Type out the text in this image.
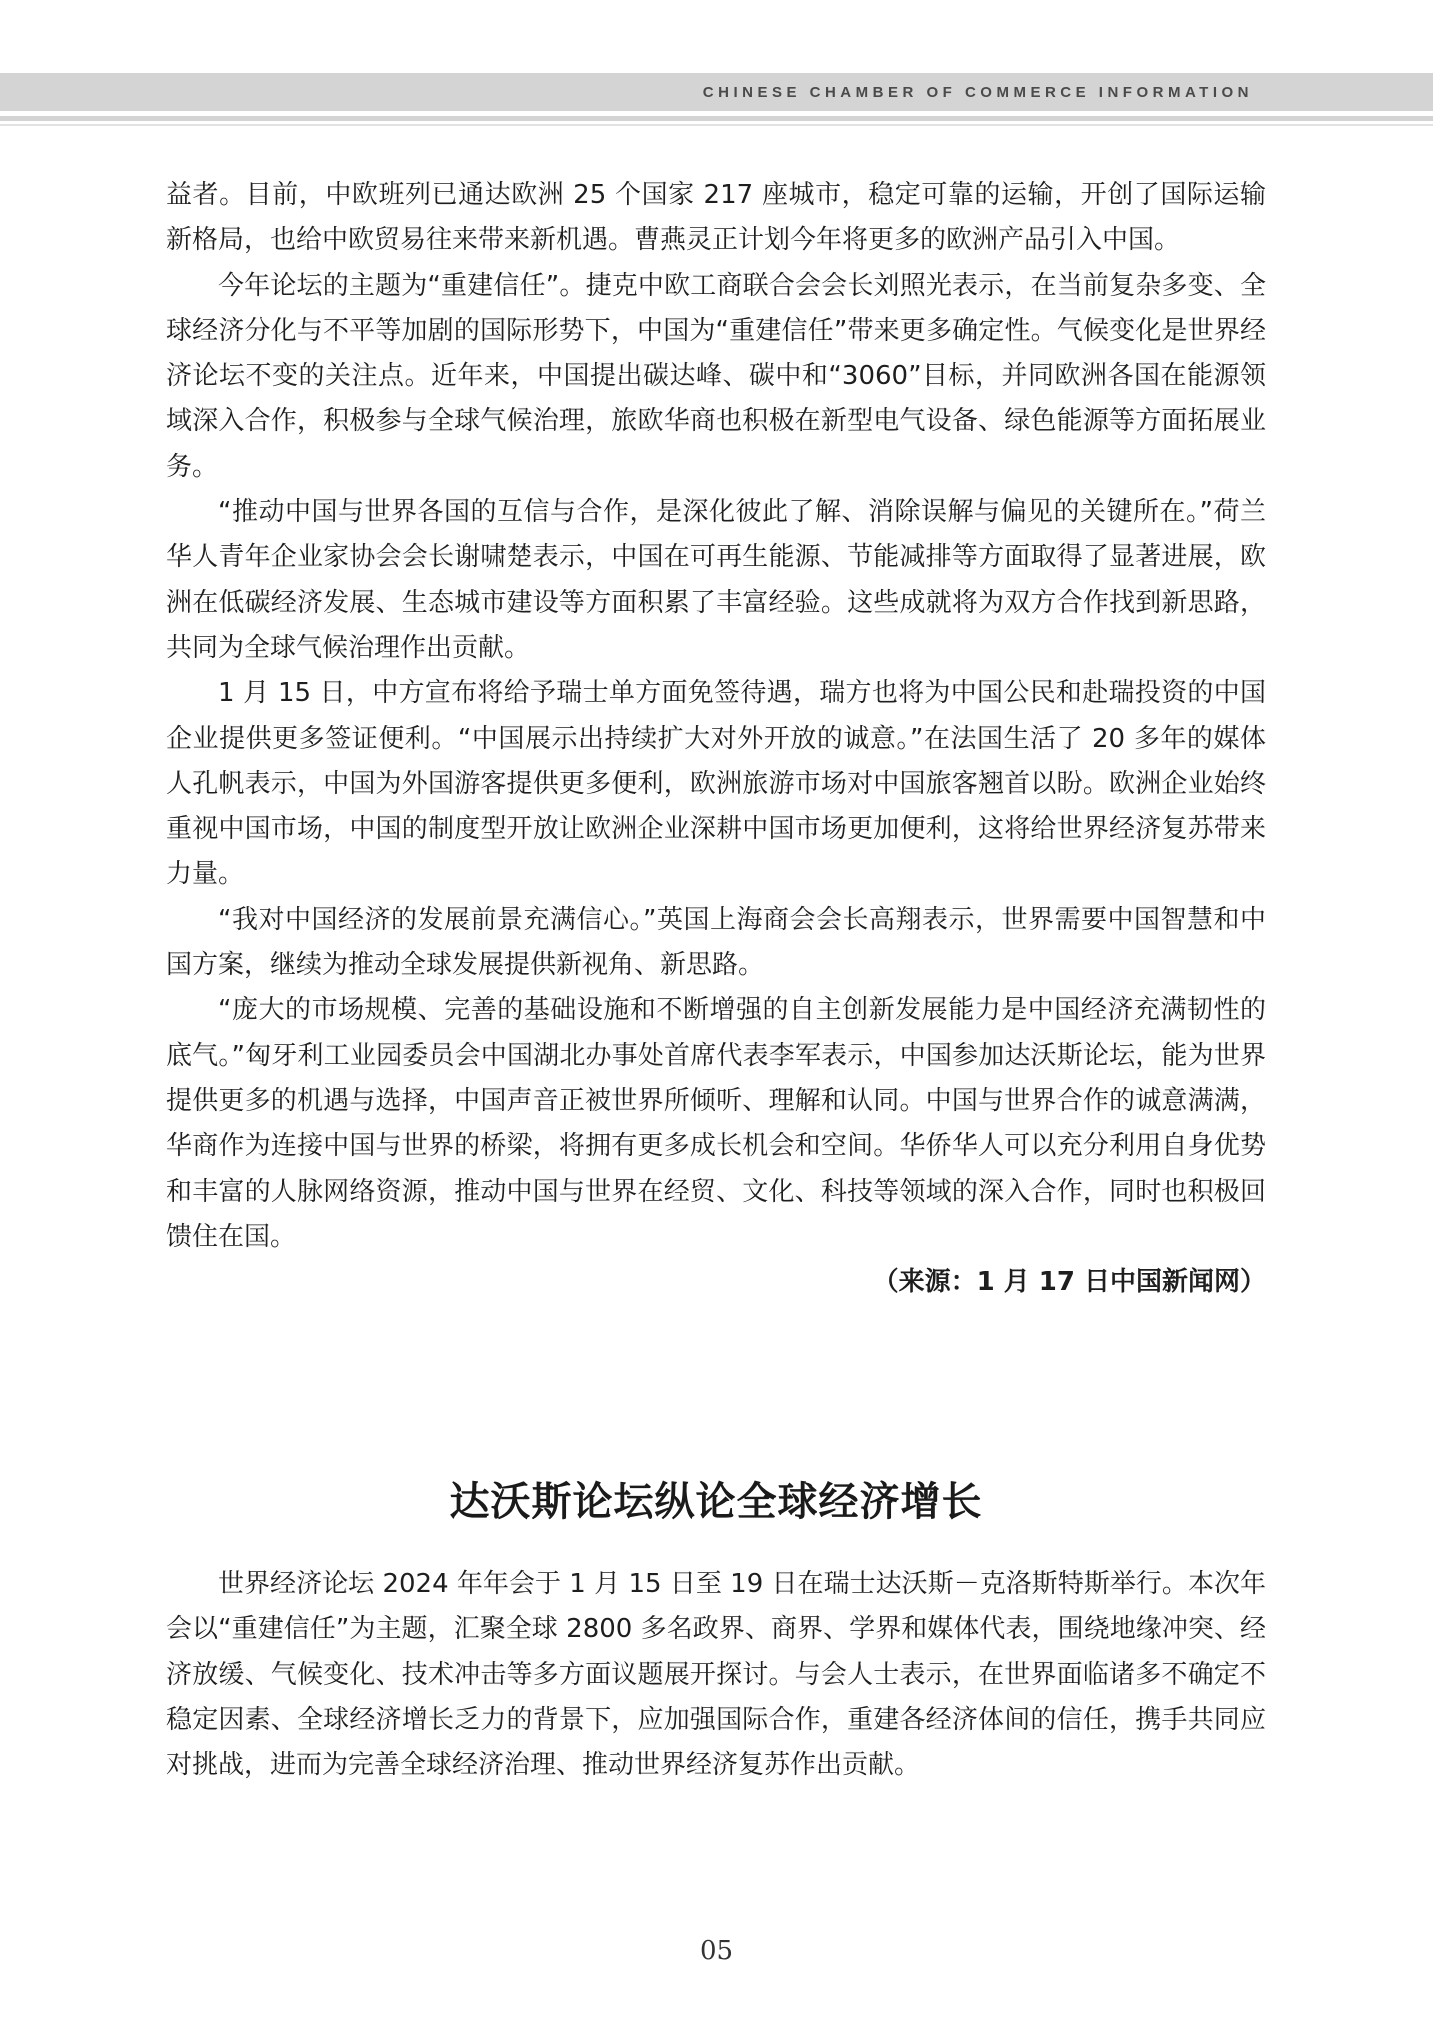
CHINESE CHAMBER OF COMMERCE INFORMATION

益者。目前，中欧班列已通达欧洲 25 个国家 217 座城市，稳定可靠的运输，开创了国际运输新格局，也给中欧贸易往来带来新机遇。曹燕灵正计划今年将更多的欧洲产品引入中国。

今年论坛的主题为“重建信任”。捷克中欧工商联合会会长刘照光表示，在当前复杂多变、全球经济分化与不平等加剧的国际形势下，中国为“重建信任”带来更多确定性。气候变化是世界经济论坛不变的关注点。近年来，中国提出碳达峰、碳中和“3060”目标，并同欧洲各国在能源领域深入合作，积极参与全球气候治理，旅欧华商也积极在新型电气设备、绿色能源等方面拓展业务。

“推动中国与世界各国的互信与合作，是深化彼此了解、消除误解与偏见的关键所在。”荷兰华人青年企业家协会会长谢啸楚表示，中国在可再生能源、节能减排等方面取得了显著进展，欧洲在低碳经济发展、生态城市建设等方面积累了丰富经验。这些成就将为双方合作找到新思路，共同为全球气候治理作出贡献。

1 月 15 日，中方宣布将给予瑞士单方面免签待遇，瑞方也将为中国公民和赴瑞投资的中国企业提供更多签证便利。“中国展示出持续扩大对外开放的诚意。”在法国生活了 20 多年的媒体人孔帆表示，中国为外国游客提供更多便利，欧洲旅游市场对中国旅客翘首以盼。欧洲企业始终重视中国市场，中国的制度型开放让欧洲企业深耕中国市场更加便利，这将给世界经济复苏带来力量。

“我对中国经济的发展前景充满信心。”英国上海商会会长高翔表示，世界需要中国智慧和中国方案，继续为推动全球发展提供新视角、新思路。

“庞大的市场规模、完善的基础设施和不断增强的自主创新发展能力是中国经济充满韧性的底气。”匈牙利工业园委员会中国湖北办事处首席代表李军表示，中国参加达沃斯论坛，能为世界提供更多的机遇与选择，中国声音正被世界所倾听、理解和认同。中国与世界合作的诚意满满，华商作为连接中国与世界的桥梁，将拥有更多成长机会和空间。华侨华人可以充分利用自身优势和丰富的人脉网络资源，推动中国与世界在经贸、文化、科技等领域的深入合作，同时也积极回馈住在国。
（来源：1 月 17 日中国新闻网）

达沃斯论坛纵论全球经济增长

世界经济论坛 2024 年年会于 1 月 15 日至 19 日在瑞士达沃斯－克洛斯特斯举行。本次年会以“重建信任”为主题，汇聚全球 2800 多名政界、商界、学界和媒体代表，围绕地缘冲突、经济放缓、气候变化、技术冲击等多方面议题展开探讨。与会人士表示，在世界面临诸多不确定不稳定因素、全球经济增长乏力的背景下，应加强国际合作，重建各经济体间的信任，携手共同应对挑战，进而为完善全球经济治理、推动世界经济复苏作出贡献。

05
